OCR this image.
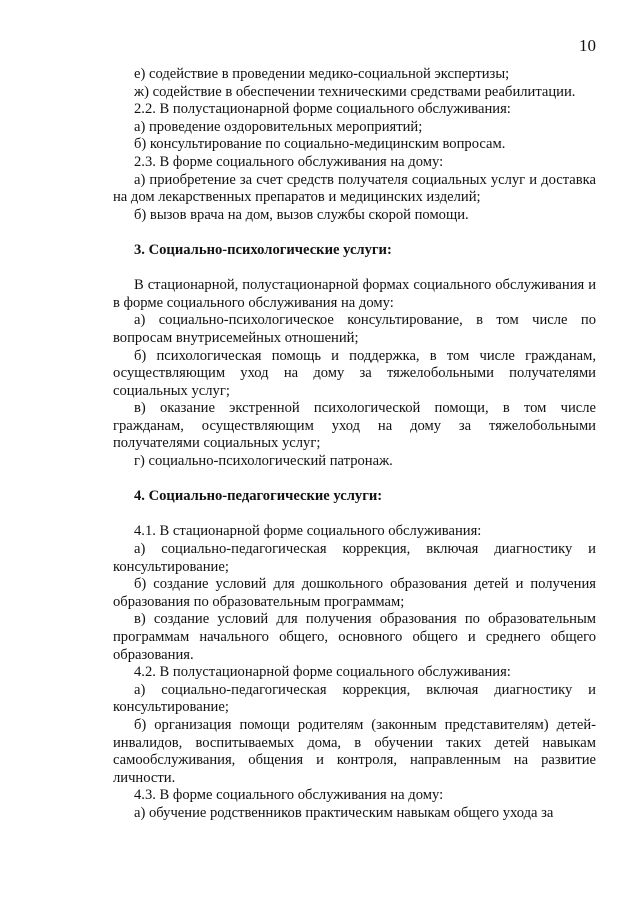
10

е) содействие в проведении медико-социальной экспертизы;

ж) содействие в обеспечении техническими средствами реабилитации.

2.2. В полустационарной форме социального обслуживания:

а) проведение оздоровительных мероприятий;

б) консультирование по социально-медицинским вопросам.

2.3. В форме социального обслуживания на дому:

а) приобретение за счет средств получателя социальных услуг и доставка на дом лекарственных препаратов и медицинских изделий;

б) вызов врача на дом, вызов службы скорой помощи.

3. Социально-психологические услуги:

В стационарной, полустационарной формах социального обслуживания и в форме социального обслуживания на дому:

а) социально-психологическое консультирование, в том числе по вопросам внутрисемейных отношений;

б) психологическая помощь и поддержка, в том числе гражданам, осуществляющим уход на дому за тяжелобольными получателями социальных услуг;

в) оказание экстренной психологической помощи, в том числе гражданам, осуществляющим уход на дому за тяжелобольными получателями социальных услуг;

г) социально-психологический патронаж.

4. Социально-педагогические услуги:

4.1. В стационарной форме социального обслуживания:

а) социально-педагогическая коррекция, включая диагностику и консультирование;

б) создание условий для дошкольного образования детей и получения образования по образовательным программам;

в) создание условий для получения образования по образовательным программам начального общего, основного общего и среднего общего образования.

4.2. В полустационарной форме социального обслуживания:

а) социально-педагогическая коррекция, включая диагностику и консультирование;

б) организация помощи родителям (законным представителям) детей-инвалидов, воспитываемых дома, в обучении таких детей навыкам самообслуживания, общения и контроля, направленным на развитие личности.

4.3. В форме социального обслуживания на дому:

а) обучение родственников практическим навыкам общего ухода за
